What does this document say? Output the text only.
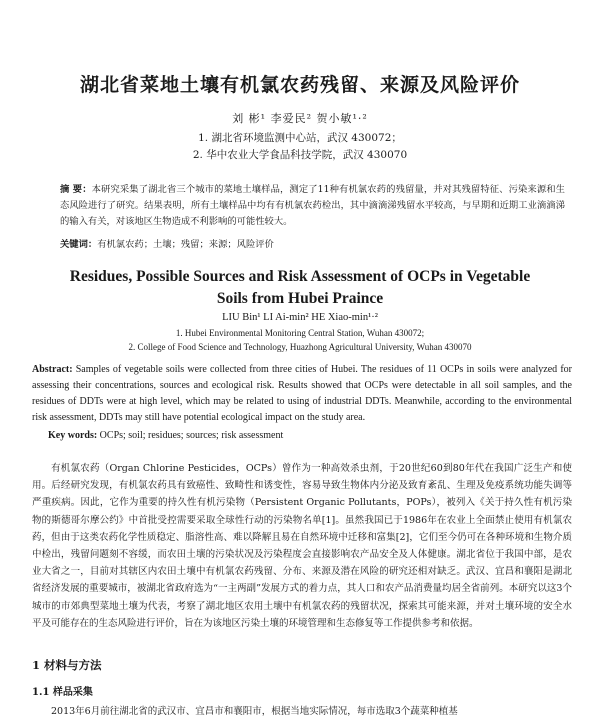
湖北省菜地土壤有机氯农药残留、来源及风险评价
刘 彬¹ 李爱民² 贺小敏¹·²
1. 湖北省环境监测中心站，武汉 430072；
2. 华中农业大学食品科技学院，武汉 430070
摘 要：本研究采集了湖北省三个城市的菜地土壤样品，测定了11种有机氯农药的残留量，并对其残留特征、污染来源和生态风险进行了研究。结果表明，所有土壤样品中均有有机氯农药检出，其中滴滴涕残留水平较高，与早期和近期工业滴滴涕的输入有关，对该地区生物造成不利影响的可能性较大。
关键词：有机氯农药；土壤；残留；来源；风险评价
Residues, Possible Sources and Risk Assessment of OCPs in Vegetable
Soils from Hubei Praince
LIU Bin¹ LI Ai-min² HE Xiao-min¹·²
1. Hubei Environmental Monitoring Central Station, Wuhan 430072;
2. College of Food Science and Technology, Huazhong Agricultural University, Wuhan 430070
Abstract: Samples of vegetable soils were collected from three cities of Hubei. The residues of 11 OCPs in soils were analyzed for assessing their concentrations, sources and ecological risk. Results showed that OCPs were detectable in all soil samples, and the residues of DDTs were at high level, which may be related to using of industrial DDTs. Meanwhile, according to the environmental risk assessment, DDTs may still have potential ecological impact on the study area.
Key words: OCPs; soil; residues; sources; risk assessment
有机氯农药（Organ Chlorine Pesticides，OCPs）曾作为一种高效杀虫剂，于20世纪60到80年代在我国广泛生产和使用。后经研究发现，有机氯农药具有致癌性、致畸性和诱变性，容易导致生物体内分泌及致育紊乱、生理及免疫系统功能失调等严重疾病。因此，它作为重要的持久性有机污染物（Persistent Organic Pollutants，POPs），被列入《关于持久性有机污染物的斯德哥尔摩公约》中首批受控需要采取全球性行动的污染物名单[1]。虽然我国已于1986年在农业上全面禁止使用有机氯农药，但由于这类农药化学性质稳定、脂溶性高、难以降解且易在自然环境中迁移和富集[2]，它们至今仍可在各种环境和生物介质中检出，残留问题刻不容缓，而农田土壤的污染状况及污染程度会直接影响农产品安全及人体健康。湖北省位于我国中部，是农业大省之一，目前对其辖区内农田土壤中有机氯农药残留、分布、来源及潜在风险的研究还相对缺乏。武汉、宜昌和襄阳是湖北省经济发展的重要城市，被湖北省政府选为“一主两副”发展方式的着力点，其人口和农产品消费量均居全省前列。本研究以这3个城市的市郊典型菜地土壤为代表，考察了湖北地区农用土壤中有机氯农药的残留状况，探索其可能来源，并对土壤环境的安全水平及可能存在的生态风险进行评价，旨在为该地区污染土壤的环境管理和生态修复等工作提供参考和依据。
1 材料与方法
1.1 样品采集
2013年6月前往湖北省的武汉市、宜昌市和襄阳市，根据当地实际情况，每市选取3个蔬菜种植基
